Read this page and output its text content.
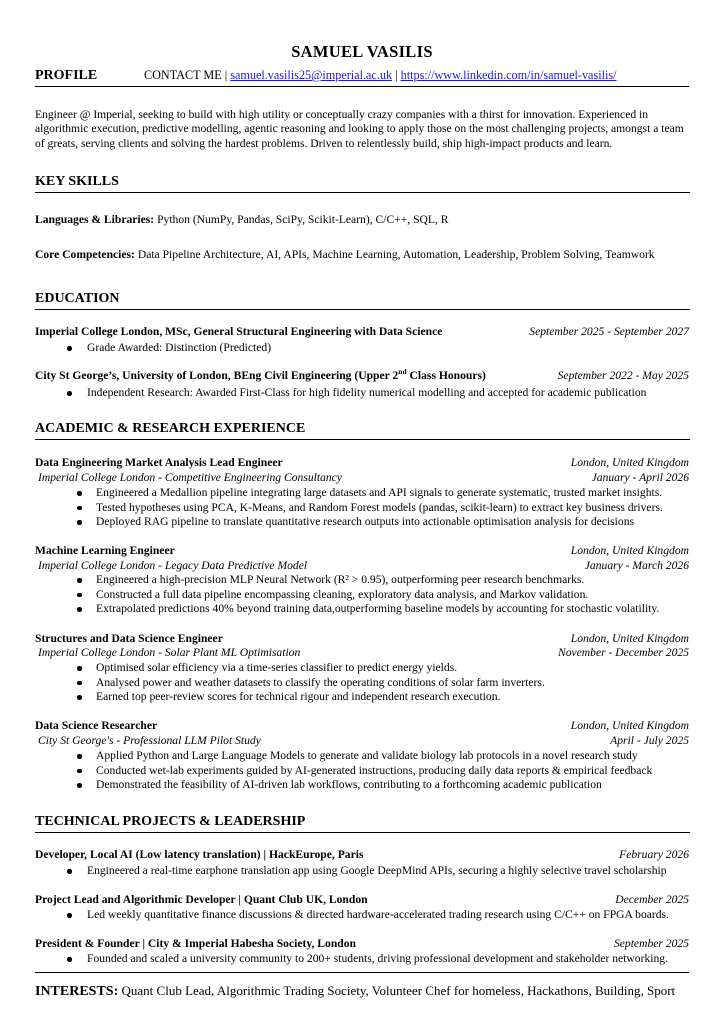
SAMUEL VASILIS
PROFILE	CONTACT ME | samuel.vasilis25@imperial.ac.uk | https://www.linkedin.com/in/samuel-vasilis/
Engineer @ Imperial, seeking to build with high utility or conceptually crazy companies with a thirst for innovation. Experienced in algorithmic execution, predictive modelling, agentic reasoning and looking to apply those on the most challenging projects, amongst a team of greats, serving clients and solving the hardest problems. Driven to relentlessly build, ship high-impact products and learn.
KEY SKILLS
Languages & Libraries: Python (NumPy, Pandas, SciPy, Scikit-Learn), C/C++, SQL, R
Core Competencies: Data Pipeline Architecture, AI, APIs, Machine Learning, Automation, Leadership, Problem Solving, Teamwork
EDUCATION
Imperial College London, MSc, General Structural Engineering with Data Science	September 2025 - September 2027
Grade Awarded: Distinction (Predicted)
City St George’s, University of London, BEng Civil Engineering (Upper 2nd Class Honours)	September 2022 - May 2025
Independent Research: Awarded First-Class for high fidelity numerical modelling and accepted for academic publication
ACADEMIC & RESEARCH EXPERIENCE
Data Engineering Market Analysis Lead Engineer	London, United Kingdom
Imperial College London - Competitive Engineering Consultancy	January - April 2026
Engineered a Medallion pipeline integrating large datasets and API signals to generate systematic, trusted market insights.
Tested hypotheses using PCA, K-Means, and Random Forest models (pandas, scikit-learn) to extract key business drivers.
Deployed RAG pipeline to translate quantitative research outputs into actionable optimisation analysis for decisions
Machine Learning Engineer	London, United Kingdom
Imperial College London - Legacy Data Predictive Model	January - March 2026
Engineered a high-precision MLP Neural Network (R² > 0.95), outperforming peer research benchmarks.
Constructed a full data pipeline encompassing cleaning, exploratory data analysis, and Markov validation.
Extrapolated predictions 40% beyond training data,outperforming baseline models by accounting for stochastic volatility.
Structures and Data Science Engineer	London, United Kingdom
Imperial College London - Solar Plant ML Optimisation	November - December 2025
Optimised solar efficiency via a time-series classifier to predict energy yields.
Analysed power and weather datasets to classify the operating conditions of solar farm inverters.
Earned top peer-review scores for technical rigour and independent research execution.
Data Science Researcher	London, United Kingdom
City St George's - Professional LLM Pilot Study	April - July 2025
Applied Python and Large Language Models to generate and validate biology lab protocols in a novel research study
Conducted wet-lab experiments guided by AI-generated instructions, producing daily data reports & empirical feedback
Demonstrated the feasibility of AI-driven lab workflows, contributing to a forthcoming academic publication
TECHNICAL PROJECTS & LEADERSHIP
Developer, Local AI (Low latency translation) | HackEurope, Paris	February 2026
Engineered a real-time earphone translation app using Google DeepMind APIs, securing a highly selective travel scholarship
Project Lead and Algorithmic Developer | Quant Club UK, London	December 2025
Led weekly quantitative finance discussions & directed hardware-accelerated trading research using C/C++ on FPGA boards.
President & Founder | City & Imperial Habesha Society, London	September 2025
Founded and scaled a university community to 200+ students, driving professional development and stakeholder networking.
INTERESTS: Quant Club Lead, Algorithmic Trading Society, Volunteer Chef for homeless, Hackathons, Building, Sport
